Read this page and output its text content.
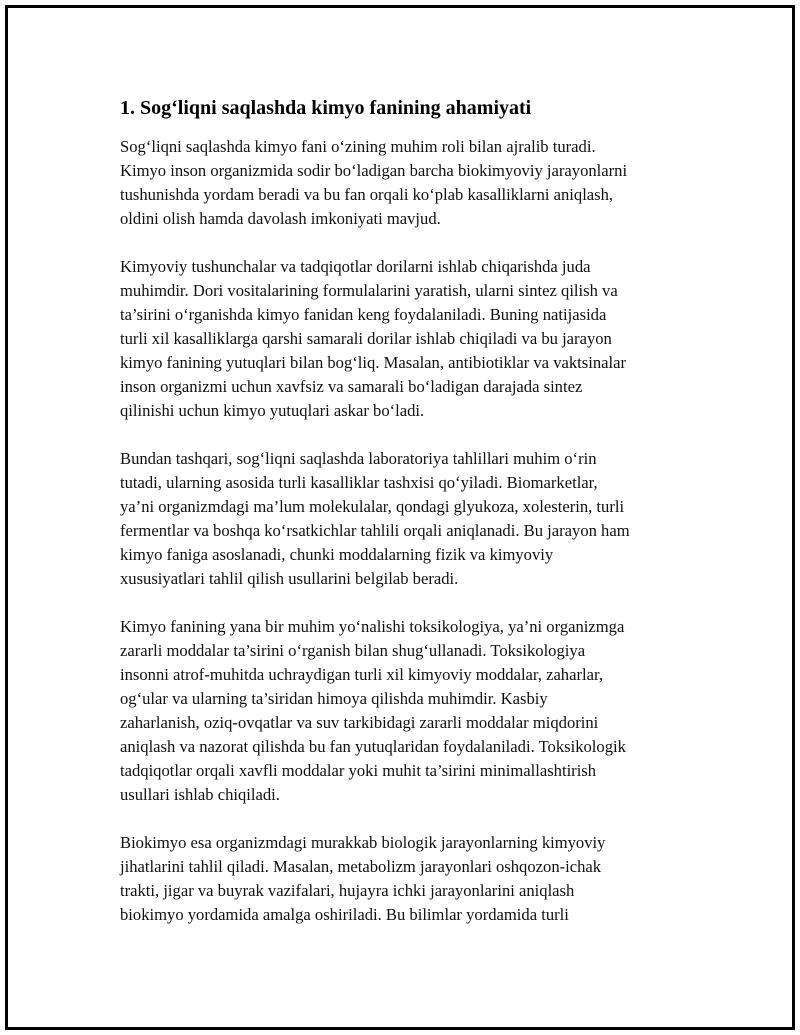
1. Sog‘liqni saqlashda kimyo fanining ahamiyati

Sog‘liqni saqlashda kimyo fani o‘zining muhim roli bilan ajralib turadi.
Kimyo inson organizmida sodir bo‘ladigan barcha biokimyoviy jarayonlarni
tushunishda yordam beradi va bu fan orqali ko‘plab kasalliklarni aniqlash,
oldini olish hamda davolash imkoniyati mavjud.

Kimyoviy tushunchalar va tadqiqotlar dorilarni ishlab chiqarishda juda
muhimdir. Dori vositalarining formulalarini yaratish, ularni sintez qilish va
ta’sirini o‘rganishda kimyo fanidan keng foydalaniladi. Buning natijasida
turli xil kasalliklarga qarshi samarali dorilar ishlab chiqiladi va bu jarayon
kimyo fanining yutuqlari bilan bog‘liq. Masalan, antibiotiklar va vaktsinalar
inson organizmi uchun xavfsiz va samarali bo‘ladigan darajada sintez
qilinishi uchun kimyo yutuqlari askar bo‘ladi.

Bundan tashqari, sog‘liqni saqlashda laboratoriya tahlillari muhim o‘rin
tutadi, ularning asosida turli kasalliklar tashxisi qo‘yiladi. Biomarketlar,
ya’ni organizmdagi ma’lum molekulalar, qondagi glyukoza, xolesterin, turli
fermentlar va boshqa ko‘rsatkichlar tahlili orqali aniqlanadi. Bu jarayon ham
kimyo faniga asoslanadi, chunki moddalarning fizik va kimyoviy
xususiyatlari tahlil qilish usullarini belgilab beradi.

Kimyo fanining yana bir muhim yo‘nalishi toksikologiya, ya’ni organizmga
zararli moddalar ta’sirini o‘rganish bilan shug‘ullanadi. Toksikologiya
insonni atrof-muhitda uchraydigan turli xil kimyoviy moddalar, zaharlar,
og‘ular va ularning ta’siridan himoya qilishda muhimdir. Kasbiy
zaharlanish, oziq-ovqatlar va suv tarkibidagi zararli moddalar miqdorini
aniqlash va nazorat qilishda bu fan yutuqlaridan foydalaniladi. Toksikologik
tadqiqotlar orqali xavfli moddalar yoki muhit ta’sirini minimallashtirish
usullari ishlab chiqiladi.

Biokimyo esa organizmdagi murakkab biologik jarayonlarning kimyoviy
jihatlarini tahlil qiladi. Masalan, metabolizm jarayonlari oshqozon-ichak
trakti, jigar va buyrak vazifalari, hujayra ichki jarayonlarini aniqlash
biokimyo yordamida amalga oshiriladi. Bu bilimlar yordamida turli
